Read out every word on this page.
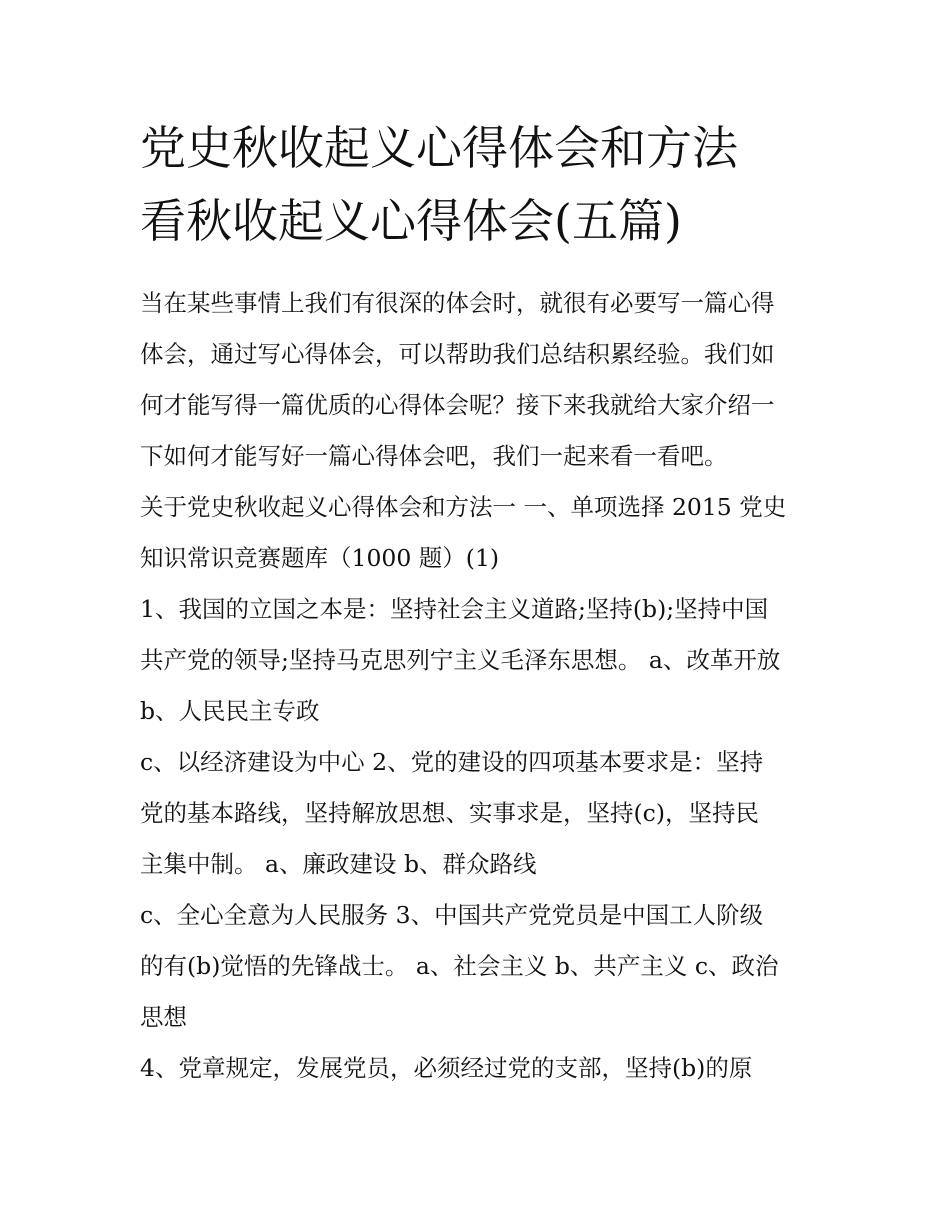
党史秋收起义心得体会和方法
看秋收起义心得体会(五篇)
当在某些事情上我们有很深的体会时，就很有必要写一篇心得
体会，通过写心得体会，可以帮助我们总结积累经验。我们如
何才能写得一篇优质的心得体会呢？接下来我就给大家介绍一
下如何才能写好一篇心得体会吧，我们一起来看一看吧。
关于党史秋收起义心得体会和方法一 一、单项选择 2015 党史
知识常识竞赛题库（1000 题）(1)
1、我国的立国之本是：坚持社会主义道路;坚持(b);坚持中国
共产党的领导;坚持马克思列宁主义毛泽东思想。 a、改革开放
b、人民民主专政
c、以经济建设为中心 2、党的建设的四项基本要求是：坚持
党的基本路线，坚持解放思想、实事求是，坚持(c)，坚持民
主集中制。 a、廉政建设 b、群众路线
c、全心全意为人民服务 3、中国共产党党员是中国工人阶级
的有(b)觉悟的先锋战士。 a、社会主义 b、共产主义 c、政治
思想
4、党章规定，发展党员，必须经过党的支部，坚持(b)的原
